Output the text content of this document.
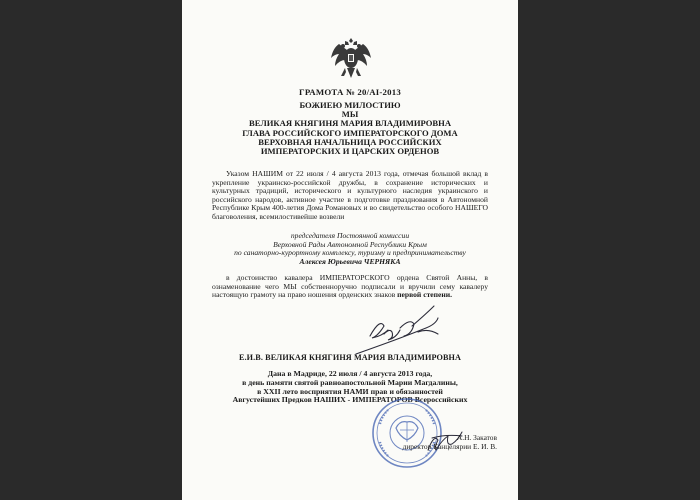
ГРАМОТА № 20/AI-2013
БОЖИЕЮ МИЛОСТИЮ
МЫ
ВЕЛИКАЯ КНЯГИНЯ МАРИЯ ВЛАДИМИРОВНА
ГЛАВА РОССИЙСКОГО ИМПЕРАТОРСКОГО ДОМА
ВЕРХОВНАЯ НАЧАЛЬНИЦА РОССИЙСКИХ
ИМПЕРАТОРСКИХ И ЦАРСКИХ ОРДЕНОВ
Указом НАШИМ от 22 июля / 4 августа 2013 года, отмечая большой вклад в укрепление украинско-российской дружбы, в сохранение исторических и культурных традиций, исторического и культурного наследия украинского и российского народов, активное участие в подготовке празднования в Автономной Республике Крым 400-летия Дома Романовых и во свидетельство особого НАШЕГО благоволения, всемилостивейше возвели
председателя Постоянной комиссии
Верховной Рады Автономной Республики Крым
по санаторно-курортному комплексу, туризму и предпринимательству
Алексея Юрьевича ЧЕРНЯКА
в достоинство кавалера ИМПЕРАТОРСКОГО ордена Святой Анны, в ознаменование чего МЫ собственноручно подписали и вручили сему кавалеру настоящую грамоту на право ношения орденских знаков первой степени.
Е.И.В. ВЕЛИКАЯ КНЯГИНЯ МАРИЯ ВЛАДИМИРОВНА
Дана в Мадриде, 22 июля / 4 августа 2013 года,
в день памяти святой равноапостольной Марии Магдалины,
в XXII лето восприятия НАМИ прав и обязанностей
Августейших Предков НАШИХ - ИМПЕРАТОРОВ Всероссийских
А.Н. Закатов
директор Канцелярии Е. И. В.
